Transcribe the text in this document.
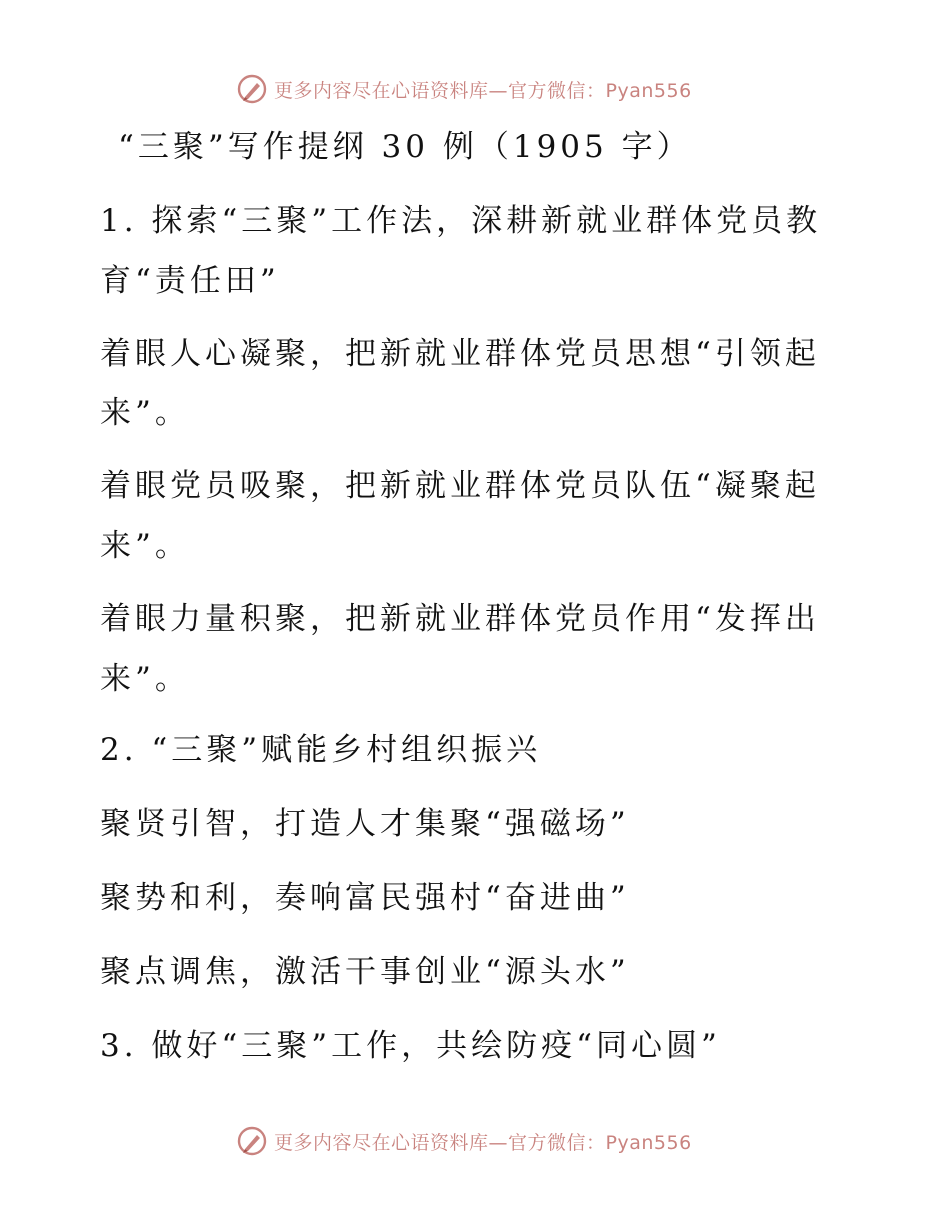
更多内容尽在心语资料库—官方微信：Pyan556
“三聚”写作提纲 30 例（1905 字）
1. 探索“三聚”工作法，深耕新就业群体党员教
育“责任田”
着眼人心凝聚，把新就业群体党员思想“引领起
来”。
着眼党员吸聚，把新就业群体党员队伍“凝聚起
来”。
着眼力量积聚，把新就业群体党员作用“发挥出
来”。
2. “三聚”赋能乡村组织振兴
聚贤引智，打造人才集聚“强磁场”
聚势和利，奏响富民强村“奋进曲”
聚点调焦，激活干事创业“源头水”
3. 做好“三聚”工作，共绘防疫“同心圆”
更多内容尽在心语资料库—官方微信：Pyan556
